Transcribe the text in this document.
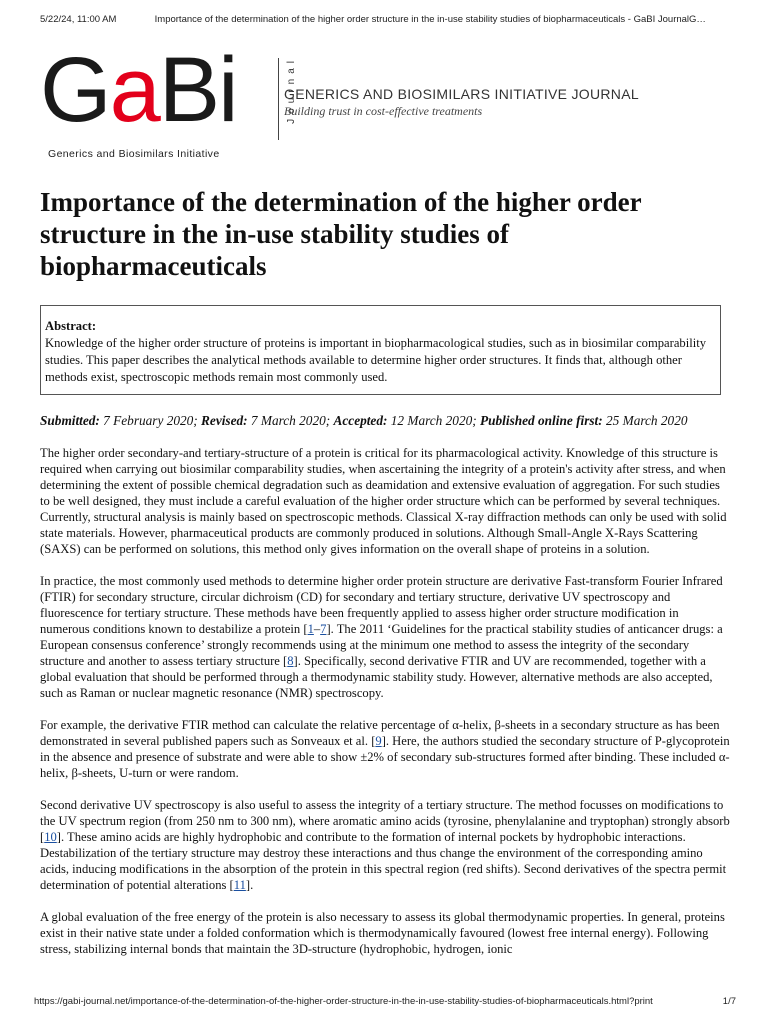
5/22/24, 11:00 AM	Importance of the determination of the higher order structure in the in-use stability studies of biopharmaceuticals - GaBI JournalG…
GaBi	Journal
Generics and Biosimilars Initiative
GENERICS AND BIOSIMILARS INITIATIVE JOURNAL
Building trust in cost-effective treatments
Importance of the determination of the higher order structure in the in-use stability studies of biopharmaceuticals
Abstract:
Knowledge of the higher order structure of proteins is important in biopharmacological studies, such as in biosimilar comparability studies. This paper describes the analytical methods available to determine higher order structures. It finds that, although other methods exist, spectroscopic methods remain most commonly used.
Submitted: 7 February 2020; Revised: 7 March 2020; Accepted: 12 March 2020; Published online first: 25 March 2020

The higher order secondary-and tertiary-structure of a protein is critical for its pharmacological activity. Knowledge of this structure is required when carrying out biosimilar comparability studies, when ascertaining the integrity of a protein's activity after stress, and when determining the extent of possible chemical degradation such as deamidation and extensive evaluation of aggregation. For such studies to be well designed, they must include a careful evaluation of the higher order structure which can be performed by several techniques. Currently, structural analysis is mainly based on spectroscopic methods. Classical X-ray diffraction methods can only be used with solid state materials. However, pharmaceutical products are commonly produced in solutions. Although Small-Angle X-Rays Scattering (SAXS) can be performed on solutions, this method only gives information on the overall shape of proteins in a solution.

In practice, the most commonly used methods to determine higher order protein structure are derivative Fast-transform Fourier Infrared (FTIR) for secondary structure, circular dichroism (CD) for secondary and tertiary structure, derivative UV spectroscopy and fluorescence for tertiary structure. These methods have been frequently applied to assess higher order structure modification in numerous conditions known to destabilize a protein [1–7]. The 2011 ‘Guidelines for the practical stability studies of anticancer drugs: a European consensus conference’ strongly recommends using at the minimum one method to assess the integrity of the secondary structure and another to assess tertiary structure [8]. Specifically, second derivative FTIR and UV are recommended, together with a global evaluation that should be performed through a thermodynamic stability study. However, alternative methods are also accepted, such as Raman or nuclear magnetic resonance (NMR) spectroscopy.

For example, the derivative FTIR method can calculate the relative percentage of α-helix, β-sheets in a secondary structure as has been demonstrated in several published papers such as Sonveaux et al. [9]. Here, the authors studied the secondary structure of P-glycoprotein in the absence and presence of substrate and were able to show ±2% of secondary sub-structures formed after binding. These included α-helix, β-sheets, U-turn or were random.

Second derivative UV spectroscopy is also useful to assess the integrity of a tertiary structure. The method focusses on modifications to the UV spectrum region (from 250 nm to 300 nm), where aromatic amino acids (tyrosine, phenylalanine and tryptophan) strongly absorb [10]. These amino acids are highly hydrophobic and contribute to the formation of internal pockets by hydrophobic interactions. Destabilization of the tertiary structure may destroy these interactions and thus change the environment of the corresponding amino acids, inducing modifications in the absorption of the protein in this spectral region (red shifts). Second derivatives of the spectra permit determination of potential alterations [11].

A global evaluation of the free energy of the protein is also necessary to assess its global thermodynamic properties. In general, proteins exist in their native state under a folded conformation which is thermodynamically favoured (lowest free internal energy). Following stress, stabilizing internal bonds that maintain the 3D-structure (hydrophobic, hydrogen, ionic

https://gabi-journal.net/importance-of-the-determination-of-the-higher-order-structure-in-the-in-use-stability-studies-of-biopharmaceuticals.html?print	1/7
